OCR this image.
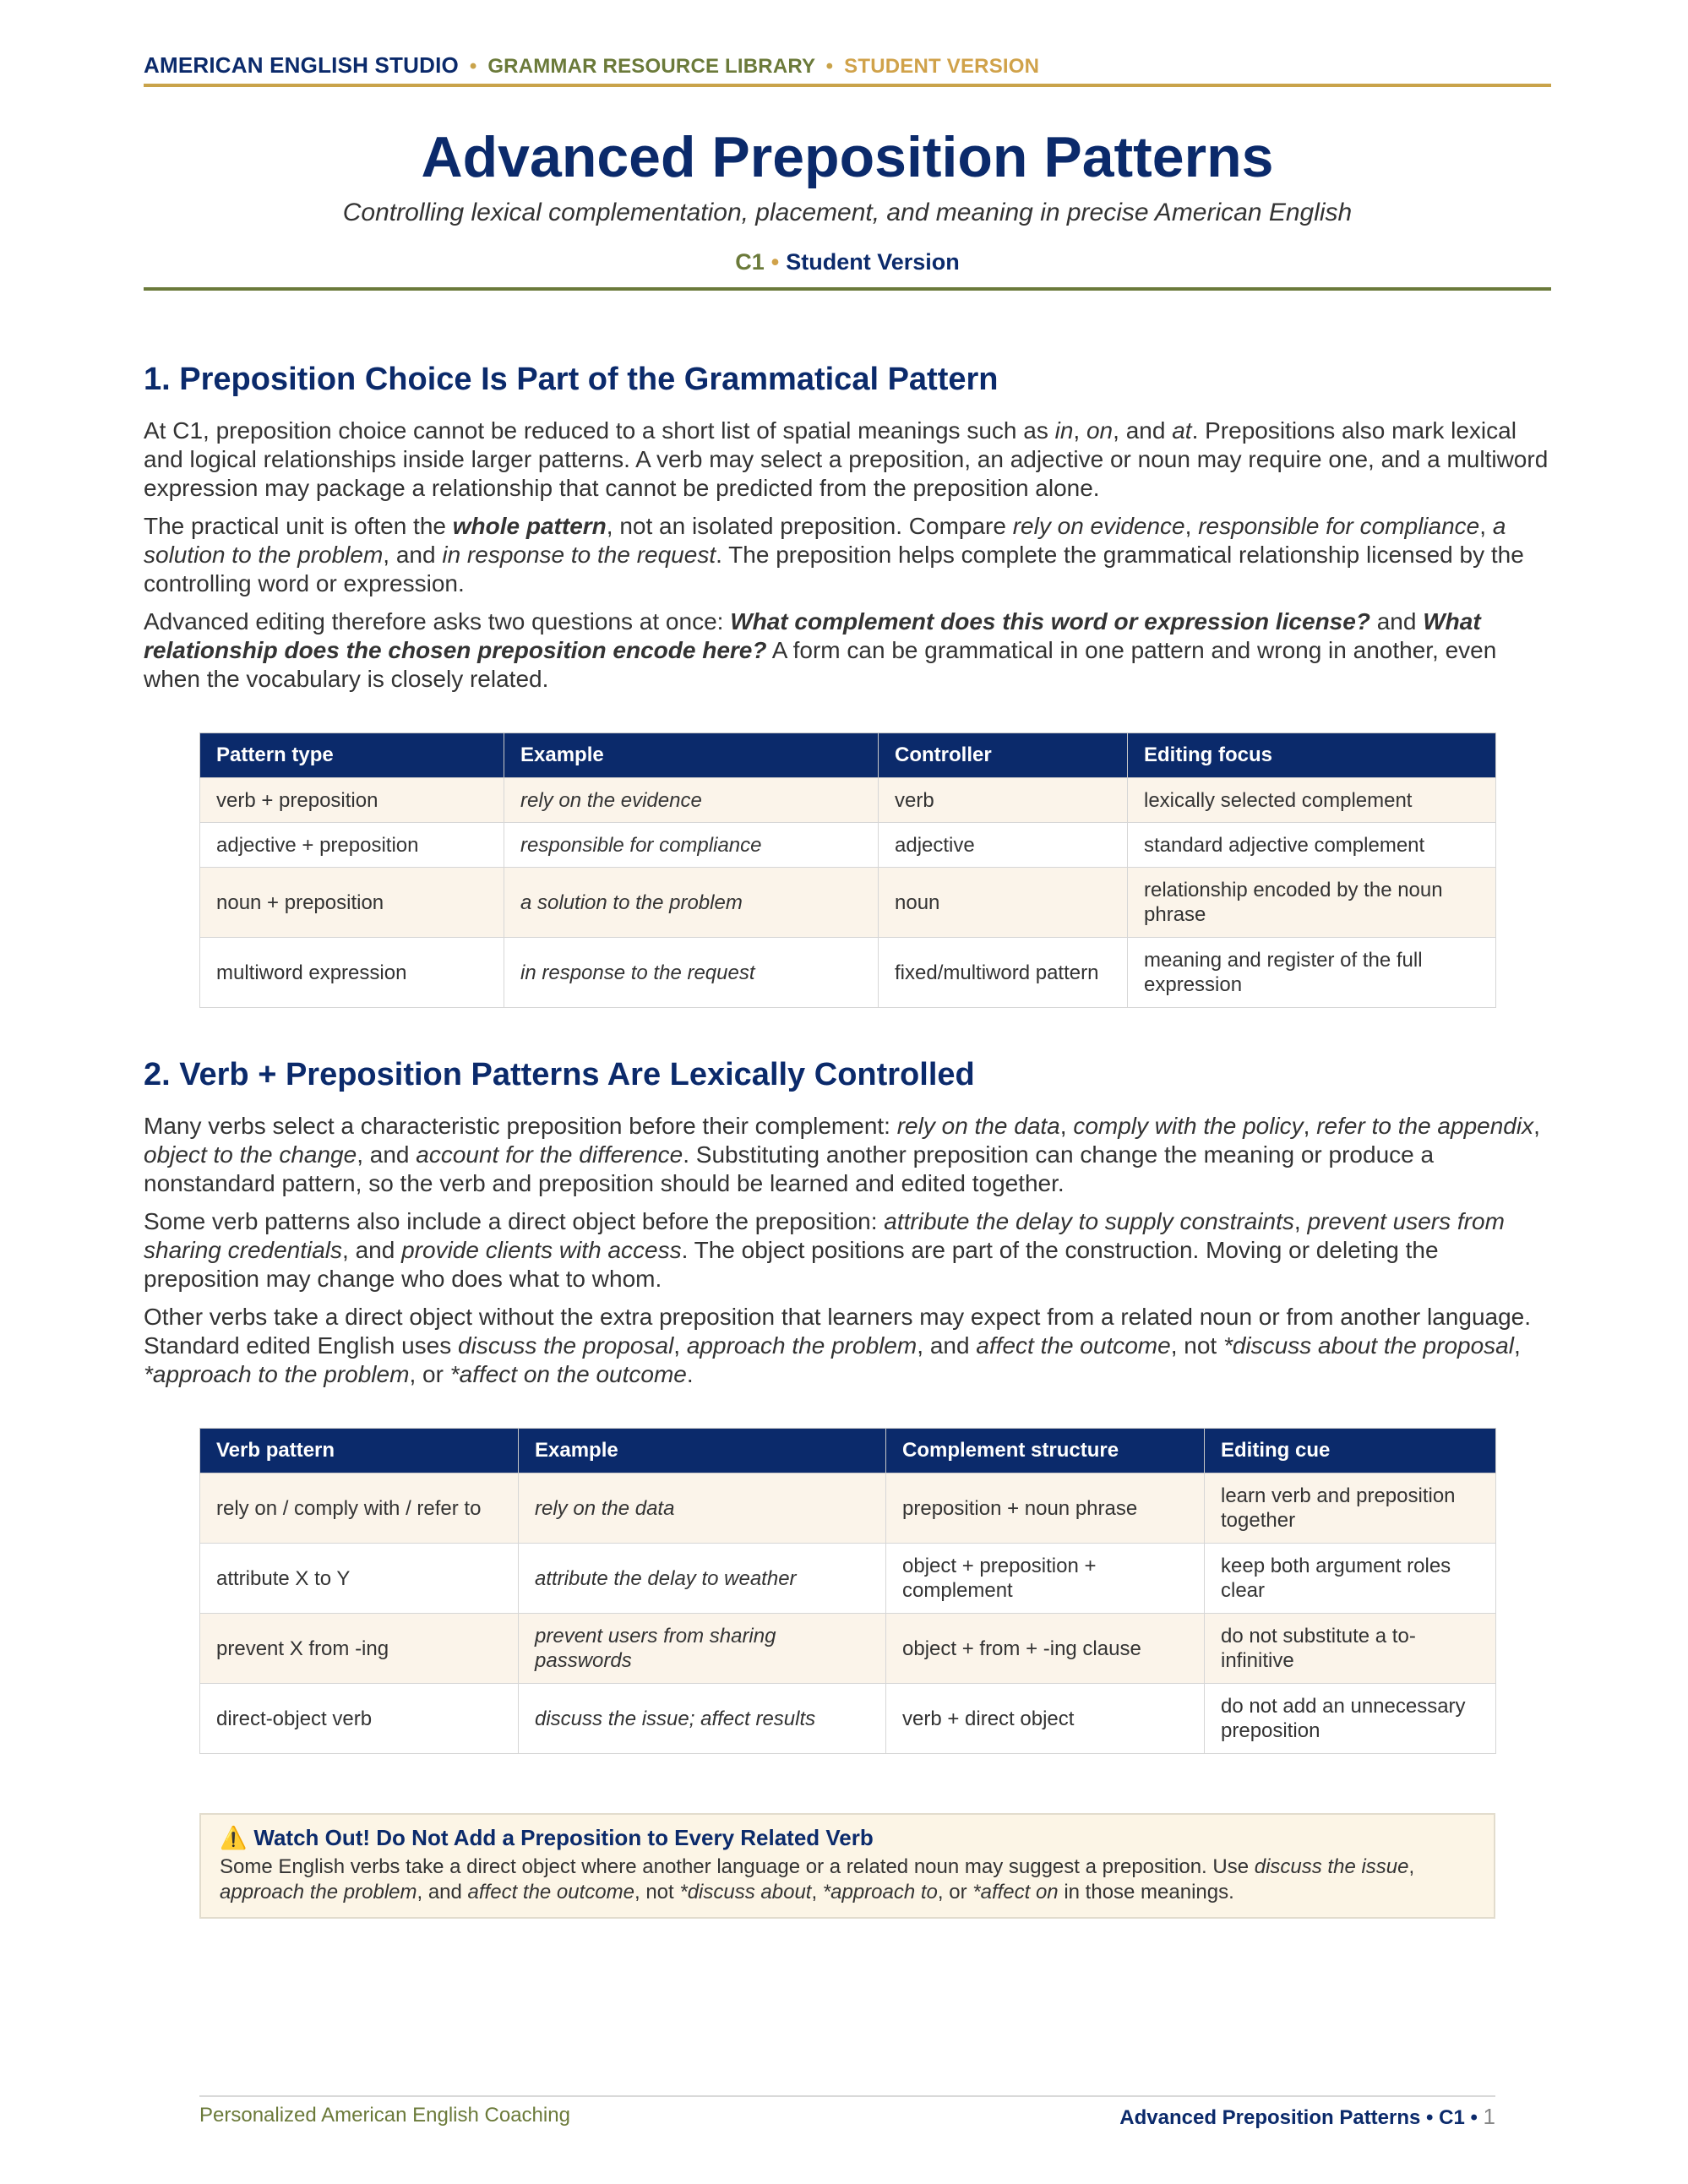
AMERICAN ENGLISH STUDIO • GRAMMAR RESOURCE LIBRARY • STUDENT VERSION
Advanced Preposition Patterns
Controlling lexical complementation, placement, and meaning in precise American English
C1 • Student Version
1. Preposition Choice Is Part of the Grammatical Pattern

At C1, preposition choice cannot be reduced to a short list of spatial meanings such as in, on, and at. Prepositions also mark lexical and logical relationships inside larger patterns. A verb may select a preposition, an adjective or noun may require one, and a multiword expression may package a relationship that cannot be predicted from the preposition alone.

The practical unit is often the whole pattern, not an isolated preposition. Compare rely on evidence, responsible for compliance, a solution to the problem, and in response to the request. The preposition helps complete the grammatical relationship licensed by the controlling word or expression.

Advanced editing therefore asks two questions at once: What complement does this word or expression license? and What relationship does the chosen preposition encode here? A form can be grammatical in one pattern and wrong in another, even when the vocabulary is closely related.

Pattern type	Example	Controller	Editing focus
verb + preposition	rely on the evidence	verb	lexically selected complement
adjective + preposition	responsible for compliance	adjective	standard adjective complement
noun + preposition	a solution to the problem	noun	relationship encoded by the noun phrase
multiword expression	in response to the request	fixed/multiword pattern	meaning and register of the full expression
2. Verb + Preposition Patterns Are Lexically Controlled

Many verbs select a characteristic preposition before their complement: rely on the data, comply with the policy, refer to the appendix, object to the change, and account for the difference. Substituting another preposition can change the meaning or produce a nonstandard pattern, so the verb and preposition should be learned and edited together.

Some verb patterns also include a direct object before the preposition: attribute the delay to supply constraints, prevent users from sharing credentials, and provide clients with access. The object positions are part of the construction. Moving or deleting the preposition may change who does what to whom.

Other verbs take a direct object without the extra preposition that learners may expect from a related noun or from another language. Standard edited English uses discuss the proposal, approach the problem, and affect the outcome, not *discuss about the proposal, *approach to the problem, or *affect on the outcome.

Verb pattern	Example	Complement structure	Editing cue
rely on / comply with / refer to	rely on the data	preposition + noun phrase	learn verb and preposition together
attribute X to Y	attribute the delay to weather	object + preposition + complement	keep both argument roles clear
prevent X from -ing	prevent users from sharing passwords	object + from + -ing clause	do not substitute a to-infinitive
direct-object verb	discuss the issue; affect results	verb + direct object	do not add an unnecessary preposition
⚠️ Watch Out! Do Not Add a Preposition to Every Related Verb
Some English verbs take a direct object where another language or a related noun may suggest a preposition. Use discuss the issue, approach the problem, and affect the outcome, not *discuss about, *approach to, or *affect on in those meanings.
Personalized American English Coaching	Advanced Preposition Patterns • C1 • 1
